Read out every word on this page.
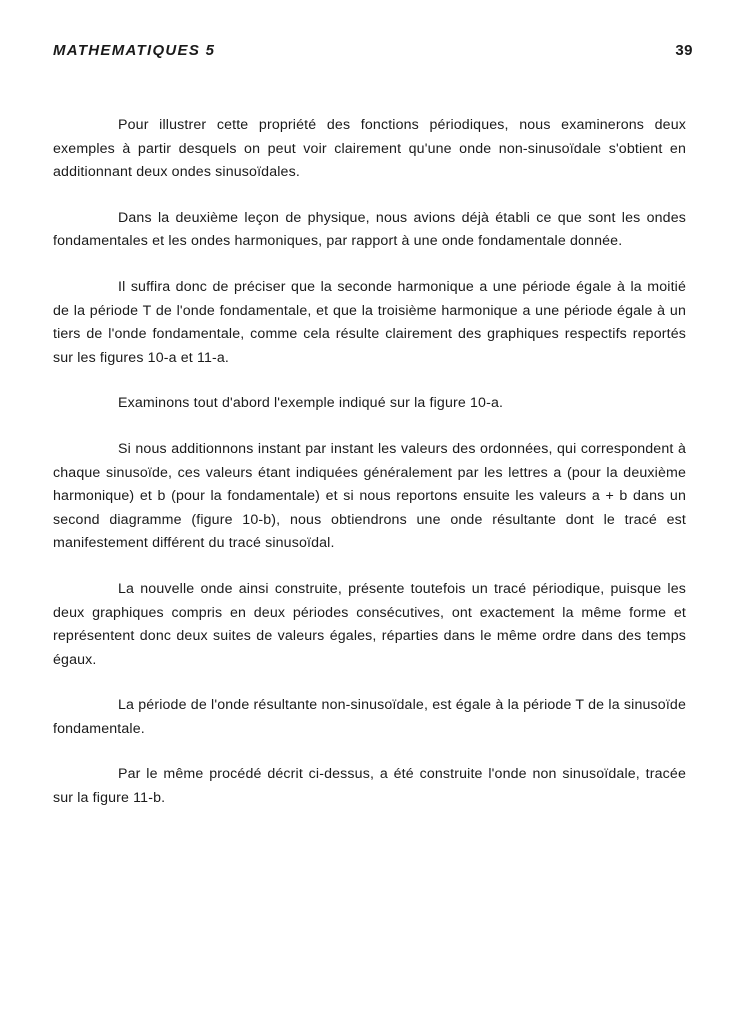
MATHEMATIQUES 5	39

Pour illustrer cette propriété des fonctions périodiques, nous examinerons deux exemples à partir desquels on peut voir clairement qu'une onde non-sinusoïdale s'obtient en additionnant deux ondes sinusoïdales.

Dans la deuxième leçon de physique, nous avions déjà établi ce que sont les ondes fondamentales et les ondes harmoniques, par rapport à une onde fondamentale donnée.

Il suffira donc de préciser que la seconde harmonique a une période égale à la moitié de la période T de l'onde fondamentale, et que la troisième harmonique a une période égale à un tiers de l'onde fondamentale, comme cela résulte clairement des graphiques respectifs reportés sur les figures 10-a et 11-a.

Examinons tout d'abord l'exemple indiqué sur la figure 10-a.

Si nous additionnons instant par instant les valeurs des ordonnées, qui correspondent à chaque sinusoïde, ces valeurs étant indiquées généralement par les lettres a (pour la deuxième harmonique) et b (pour la fondamentale) et si nous reportons ensuite les valeurs a + b dans un second diagramme (figure 10-b), nous obtiendrons une onde résultante dont le tracé est manifestement différent du tracé sinusoïdal.

La nouvelle onde ainsi construite, présente toutefois un tracé périodique, puisque les deux graphiques compris en deux périodes consécutives, ont exactement la même forme et représentent donc deux suites de valeurs égales, réparties dans le même ordre dans des temps égaux.

La période de l'onde résultante non-sinusoïdale, est égale à la période T de la sinusoïde fondamentale.

Par le même procédé décrit ci-dessus, a été construite l'onde non sinusoïdale, tracée sur la figure 11-b.
